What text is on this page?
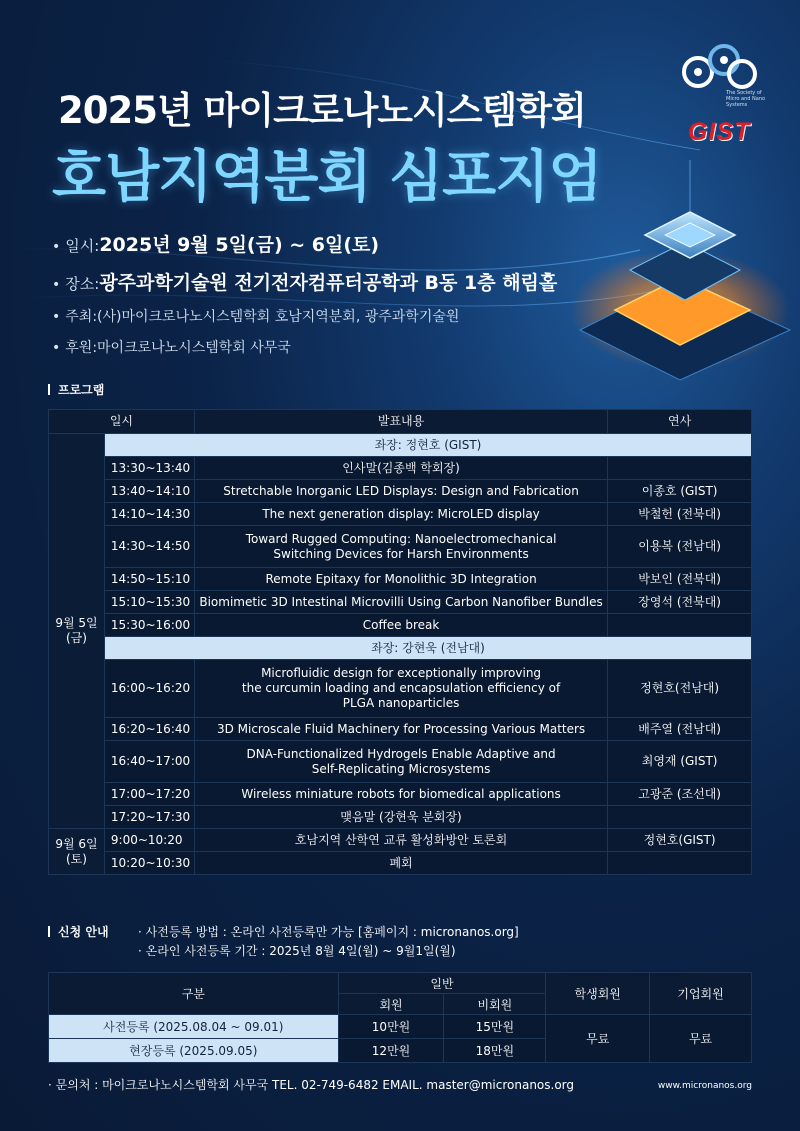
2025년 마이크로나노시스템학회
호남지역분회 심포지엄
The Society of Micro and Nano Systems
GIST
• 일시: 2025년 9월 5일(금) ~ 6일(토)
• 장소: 광주과학기술원 전기전자컴퓨터공학과 B동 1층 해림홀
• 주최: (사)마이크로나노시스템학회 호남지역분회, 광주과학기술원
• 후원: 마이크로나노시스템학회 사무국
프로그램
일시		발표내용	연사
9월 5일
(금)	좌장: 정현호 (GIST)		
	13:30~13:40	인사말(김종백 학회장)	
	13:40~14:10	Stretchable Inorganic LED Displays: Design and Fabrication	이종호 (GIST)
	14:10~14:30	The next generation display: MicroLED display	박철헌 (전북대)
	14:30~14:50	Toward Rugged Computing: Nanoelectromechanical
Switching Devices for Harsh Environments	이용복 (전남대)
	14:50~15:10	Remote Epitaxy for Monolithic 3D Integration	박보인 (전북대)
	15:10~15:30	Biomimetic 3D Intestinal Microvilli Using Carbon Nanofiber Bundles	장영석 (전북대)
	15:30~16:00	Coffee break	
	좌장: 강현욱 (전남대)		
	16:00~16:20	Microfluidic design for exceptionally improving
the curcumin loading and encapsulation efficiency of
PLGA nanoparticles	정현호(전남대)
	16:20~16:40	3D Microscale Fluid Machinery for Processing Various Matters	배주열 (전남대)
	16:40~17:00	DNA-Functionalized Hydrogels Enable Adaptive and
Self-Replicating Microsystems	최영재 (GIST)
	17:00~17:20	Wireless miniature robots for biomedical applications	고광준 (조선대)
	17:20~17:30	맺음말 (강현욱 분회장)	
9월 6일
(토)	9:00~10:20	호남지역 산학연 교류 활성화방안 토론회	정현호(GIST)
	10:20~10:30	폐회	
신청 안내 · 사전등록 방법 : 온라인 사전등록만 가능 [홈페이지 : micronanos.org]
· 온라인 사전등록 기간 : 2025년 8월 4일(월) ~ 9월1일(월)
구분	일반		학생회원	기업회원
	회원	비회원		
사전등록 (2025.08.04 ~ 09.01)	10만원	15만원	무료	무료
현장등록 (2025.09.05)	12만원	18만원		
· 문의처 : 마이크로나노시스템학회 사무국 TEL. 02-749-6482 EMAIL. master@micronanos.org	www.micronanos.org
